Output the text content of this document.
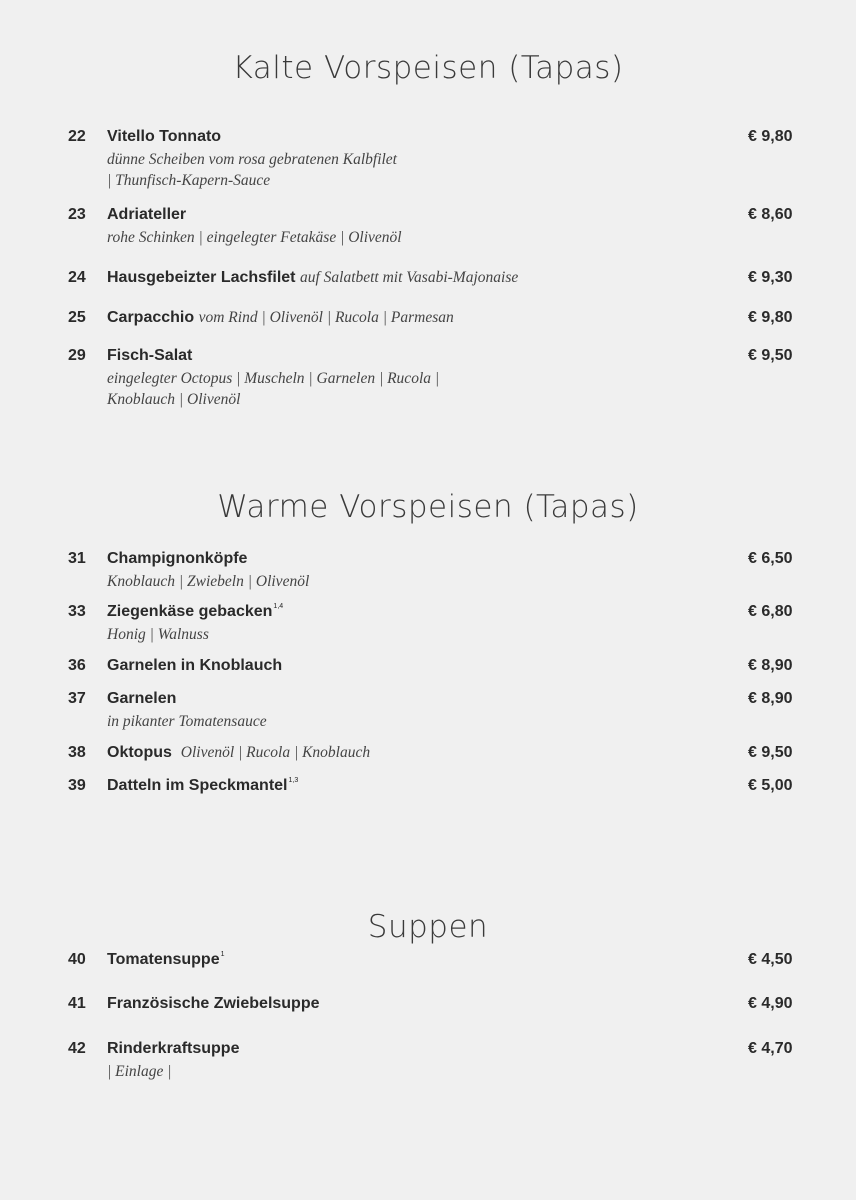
Kalte Vorspeisen (Tapas)
22 Vitello Tonnato
dünne Scheiben vom rosa gebratenen Kalbfilet
| Thunfisch-Kapern-Sauce
€ 9,80
23 Adriateller
rohe Schinken | eingelegter Fetakäse | Olivenöl
€ 8,60
24 Hausgebeizter Lachsfilet auf Salatbett mit Vasabi-Majonaise	€ 9,30
25 Carpacchio vom Rind | Olivenöl | Rucola | Parmesan	€ 9,80
29 Fisch-Salat
eingelegter Octopus | Muscheln | Garnelen | Rucola |
Knoblauch | Olivenöl
€ 9,50
Warme Vorspeisen (Tapas)
31 Champignonköpfe
Knoblauch | Zwiebeln | Olivenöl
€ 6,50
33 Ziegenkäse gebacken$^{1,4}$
Honig | Walnuss
€ 6,80
36 Garnelen in Knoblauch	€ 8,90
37 Garnelen
in pikanter Tomatensauce
€ 8,90
38 Oktopus Olivenöl | Rucola | Knoblauch	€ 9,50
39 Datteln im Speckmantel$^{1,3}$	€ 5,00
Suppen
40 Tomatensuppe$^1$	€ 4,50
41 Französische Zwiebelsuppe	€ 4,90
42 Rinderkraftsuppe
| Einlage |
€ 4,70
